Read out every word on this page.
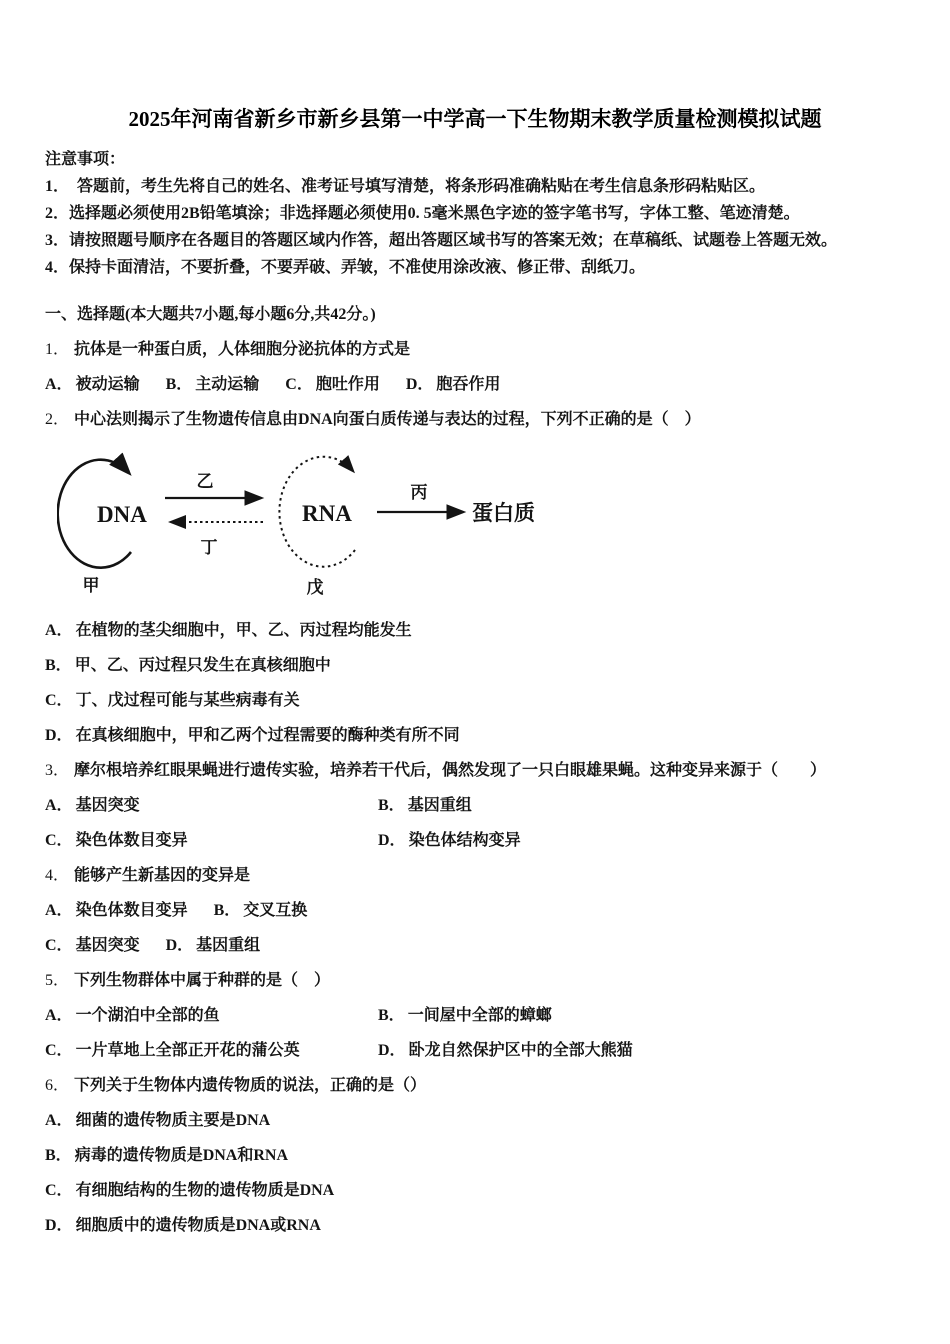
2025年河南省新乡市新乡县第一中学高一下生物期末教学质量检测模拟试题
注意事项：
1．　答题前，考生先将自己的姓名、准考证号填写清楚，将条形码准确粘贴在考生信息条形码粘贴区。
2．选择题必须使用2B铅笔填涂；非选择题必须使用0. 5毫米黑色字迹的签字笔书写，字体工整、笔迹清楚。
3．请按照题号顺序在各题目的答题区域内作答，超出答题区域书写的答案无效；在草稿纸、试题卷上答题无效。
4．保持卡面清洁，不要折叠，不要弄破、弄皱，不准使用涂改液、修正带、刮纸刀。
一、选择题(本大题共7小题,每小题6分,共42分。)
1． 抗体是一种蛋白质，人体细胞分泌抗体的方式是
A． 被动运输 B． 主动运输 C． 胞吐作用 D． 胞吞作用
2． 中心法则揭示了生物遗传信息由DNA向蛋白质传递与表达的过程，下列不正确的是（　）
DNA	RNA	蛋白质
乙
丁
丙
甲	戊
A． 在植物的茎尖细胞中，甲、乙、丙过程均能发生
B． 甲、乙、丙过程只发生在真核细胞中
C． 丁、戊过程可能与某些病毒有关
D． 在真核细胞中，甲和乙两个过程需要的酶种类有所不同
3． 摩尔根培养红眼果蝇进行遗传实验，培养若干代后，偶然发现了一只白眼雄果蝇。这种变异来源于（　　）
A． 基因突变	B． 基因重组
C． 染色体数目变异	D． 染色体结构变异
4． 能够产生新基因的变异是
A． 染色体数目变异 B． 交叉互换
C． 基因突变 D． 基因重组
5． 下列生物群体中属于种群的是（　）
A． 一个湖泊中全部的鱼	B． 一间屋中全部的蟑螂
C． 一片草地上全部正开花的蒲公英	D． 卧龙自然保护区中的全部大熊猫
6． 下列关于生物体内遗传物质的说法，正确的是（）
A． 细菌的遗传物质主要是DNA
B． 病毒的遗传物质是DNA和RNA
C． 有细胞结构的生物的遗传物质是DNA
D． 细胞质中的遗传物质是DNA或RNA
